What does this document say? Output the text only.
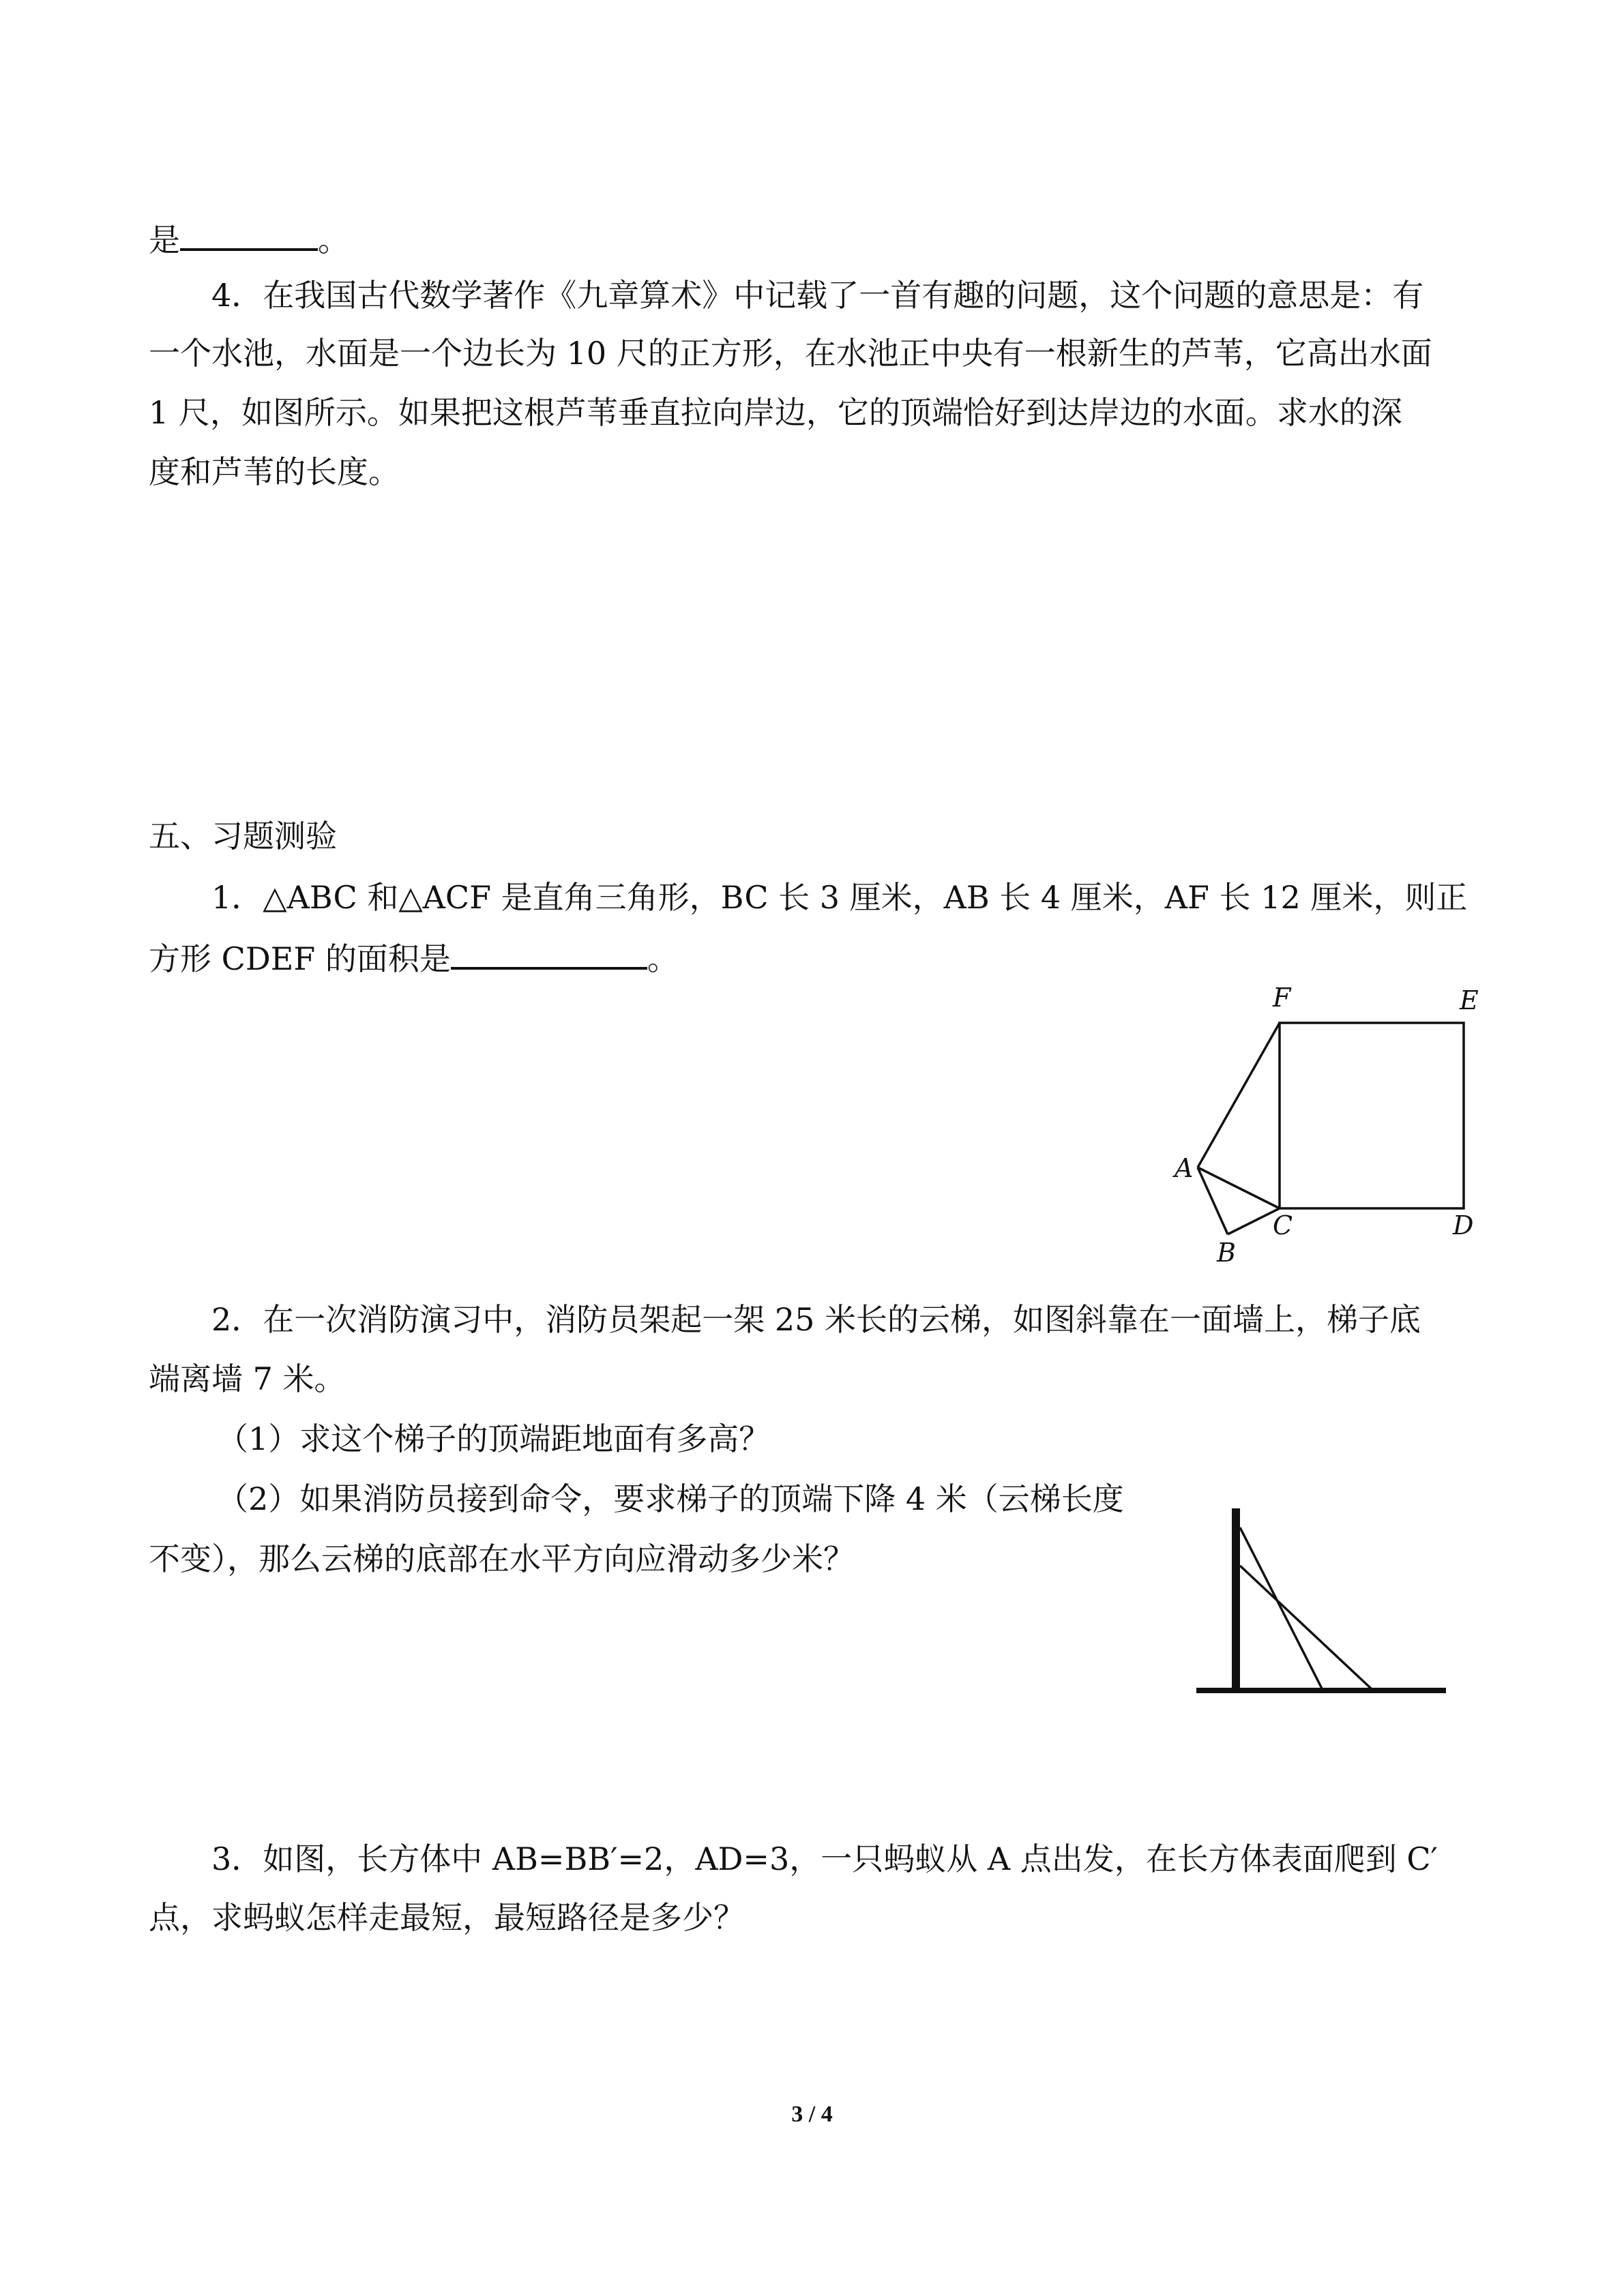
是	。
4．在我国古代数学著作《九章算术》中记载了一首有趣的问题，这个问题的意思是：有
一个水池，水面是一个边长为 10 尺的正方形，在水池正中央有一根新生的芦苇，它高出水面
1 尺，如图所示。如果把这根芦苇垂直拉向岸边，它的顶端恰好到达岸边的水面。求水的深
度和芦苇的长度。
五、习题测验
1．△ABC 和△ACF 是直角三角形，BC 长 3 厘米，AB 长 4 厘米，AF 长 12 厘米，则正
方形 CDEF 的面积是	。
F	E
A
C	D
B
2．在一次消防演习中，消防员架起一架 25 米长的云梯，如图斜靠在一面墙上，梯子底
端离墙 7 米。
（1）求这个梯子的顶端距地面有多高？
（2）如果消防员接到命令，要求梯子的顶端下降 4 米（云梯长度
不变），那么云梯的底部在水平方向应滑动多少米？
3．如图，长方体中 AB=BB′=2，AD=3，一只蚂蚁从 A 点出发，在长方体表面爬到 C′
点，求蚂蚁怎样走最短，最短路径是多少？
3 / 4
